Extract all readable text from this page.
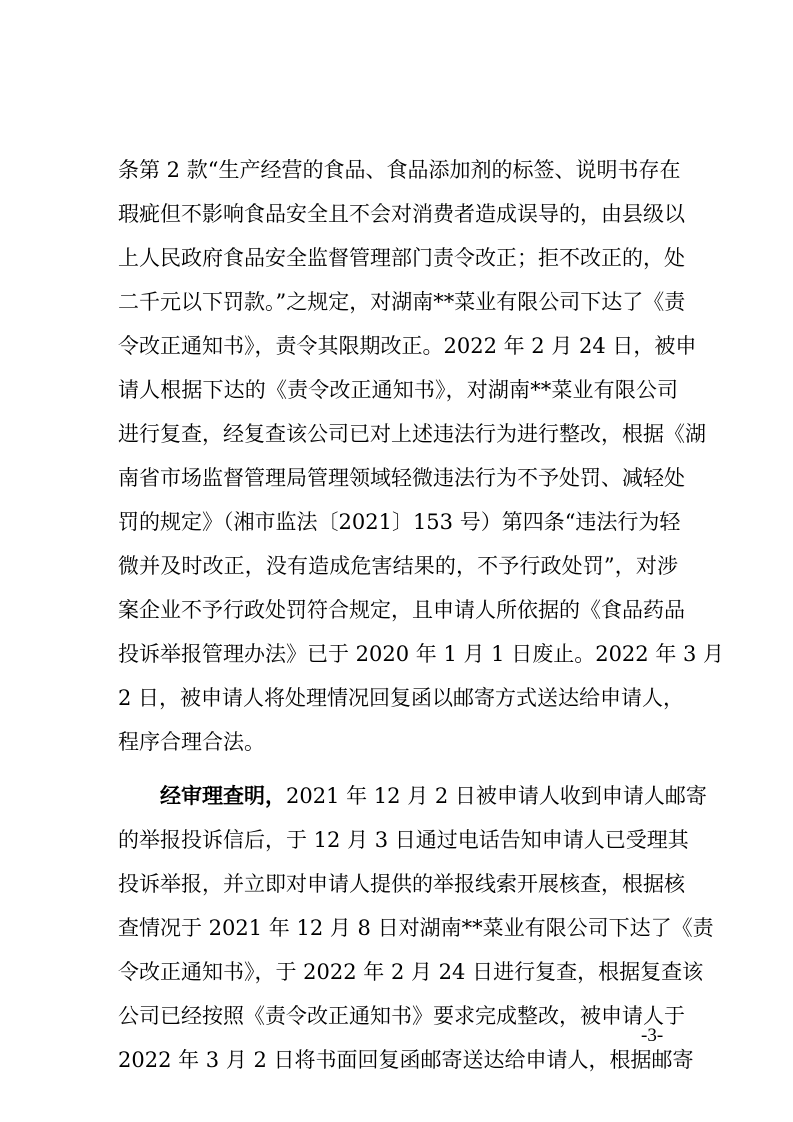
条第 2 款“生产经营的食品、食品添加剂的标签、说明书存在
瑕疵但不影响食品安全且不会对消费者造成误导的，由县级以
上人民政府食品安全监督管理部门责令改正；拒不改正的，处
二千元以下罚款。”之规定，对湖南**菜业有限公司下达了《责
令改正通知书》，责令其限期改正。2022 年 2 月 24 日，被申
请人根据下达的《责令改正通知书》，对湖南**菜业有限公司
进行复查，经复查该公司已对上述违法行为进行整改，根据《湖
南省市场监督管理局管理领域轻微违法行为不予处罚、减轻处
罚的规定》（湘市监法〔2021〕153 号）第四条“违法行为轻
微并及时改正，没有造成危害结果的，不予行政处罚”，对涉
案企业不予行政处罚符合规定，且申请人所依据的《食品药品
投诉举报管理办法》已于 2020 年 1 月 1 日废止。2022 年 3 月
2 日，被申请人将处理情况回复函以邮寄方式送达给申请人，
程序合理合法。
经审理查明，2021 年 12 月 2 日被申请人收到申请人邮寄
的举报投诉信后，于 12 月 3 日通过电话告知申请人已受理其
投诉举报，并立即对申请人提供的举报线索开展核查，根据核
查情况于 2021 年 12 月 8 日对湖南**菜业有限公司下达了《责
令改正通知书》，于 2022 年 2 月 24 日进行复查，根据复查该
公司已经按照《责令改正通知书》要求完成整改，被申请人于
2022 年 3 月 2 日将书面回复函邮寄送达给申请人，根据邮寄
-3-
